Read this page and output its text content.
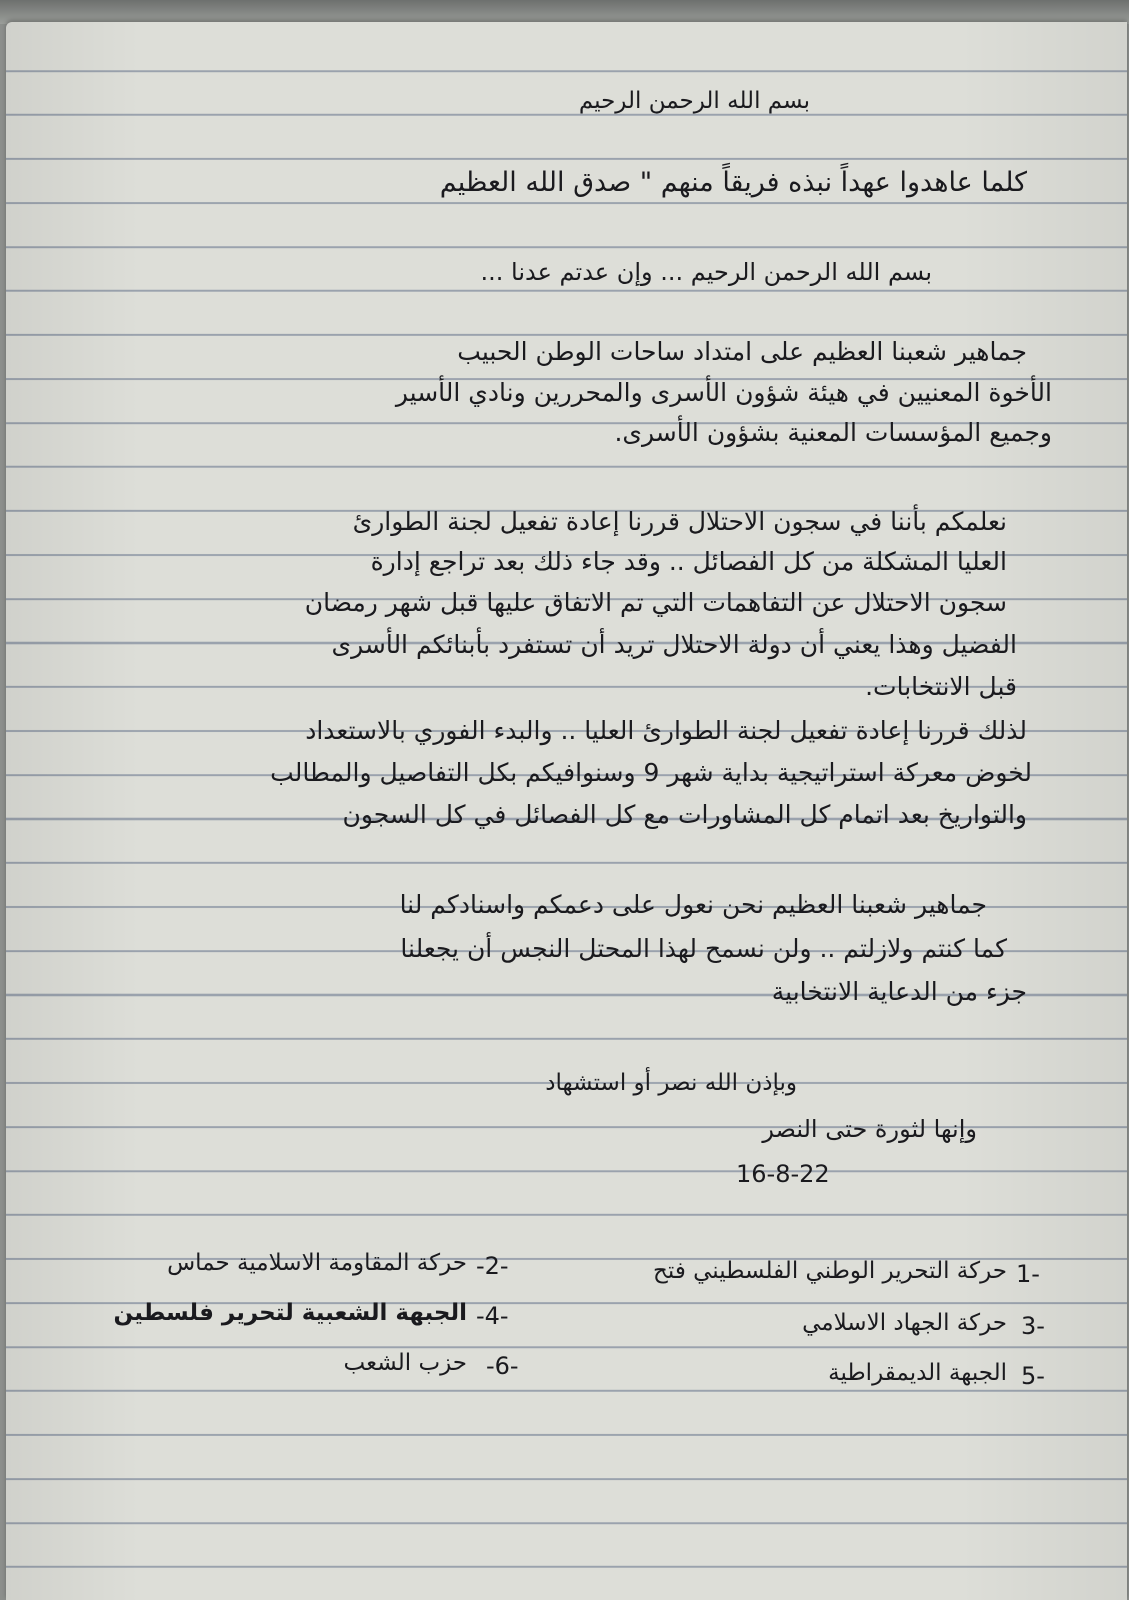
بسم الله الرحمن الرحيم
كلما عاهدوا عهداً نبذه فريقاً منهم " صدق الله العظيم
بسم الله الرحمن الرحيم ... وإن عدتم عدنا ...
جماهير شعبنا العظيم على امتداد ساحات الوطن الحبيب
الأخوة المعنيين في هيئة شؤون الأسرى والمحررين ونادي الأسير
وجميع المؤسسات المعنية بشؤون الأسرى.
نعلمكم بأننا في سجون الاحتلال قررنا إعادة تفعيل لجنة الطوارئ
العليا المشكلة من كل الفصائل .. وقد جاء ذلك بعد تراجع إدارة
سجون الاحتلال عن التفاهمات التي تم الاتفاق عليها قبل شهر رمضان
الفضيل وهذا يعني أن دولة الاحتلال تريد أن تستفرد بأبنائكم الأسرى
قبل الانتخابات.
لذلك قررنا إعادة تفعيل لجنة الطوارئ العليا .. والبدء الفوري بالاستعداد
لخوض معركة استراتيجية بداية شهر 9 وسنوافيكم بكل التفاصيل والمطالب
والتواريخ بعد اتمام كل المشاورات مع كل الفصائل في كل السجون
جماهير شعبنا العظيم نحن نعول على دعمكم واسنادكم لنا
كما كنتم ولازلتم .. ولن نسمح لهذا المحتل النجس أن يجعلنا
جزء من الدعاية الانتخابية
وبإذن الله نصر أو استشهاد
وإنها لثورة حتى النصر
16-8-22
1-
حركة التحرير الوطني الفلسطيني فتح
-2-
حركة المقاومة الاسلامية حماس
3-
حركة الجهاد الاسلامي
-4-
الجبهة الشعبية لتحرير فلسطين
5-
الجبهة الديمقراطية
-6-
حزب الشعب
